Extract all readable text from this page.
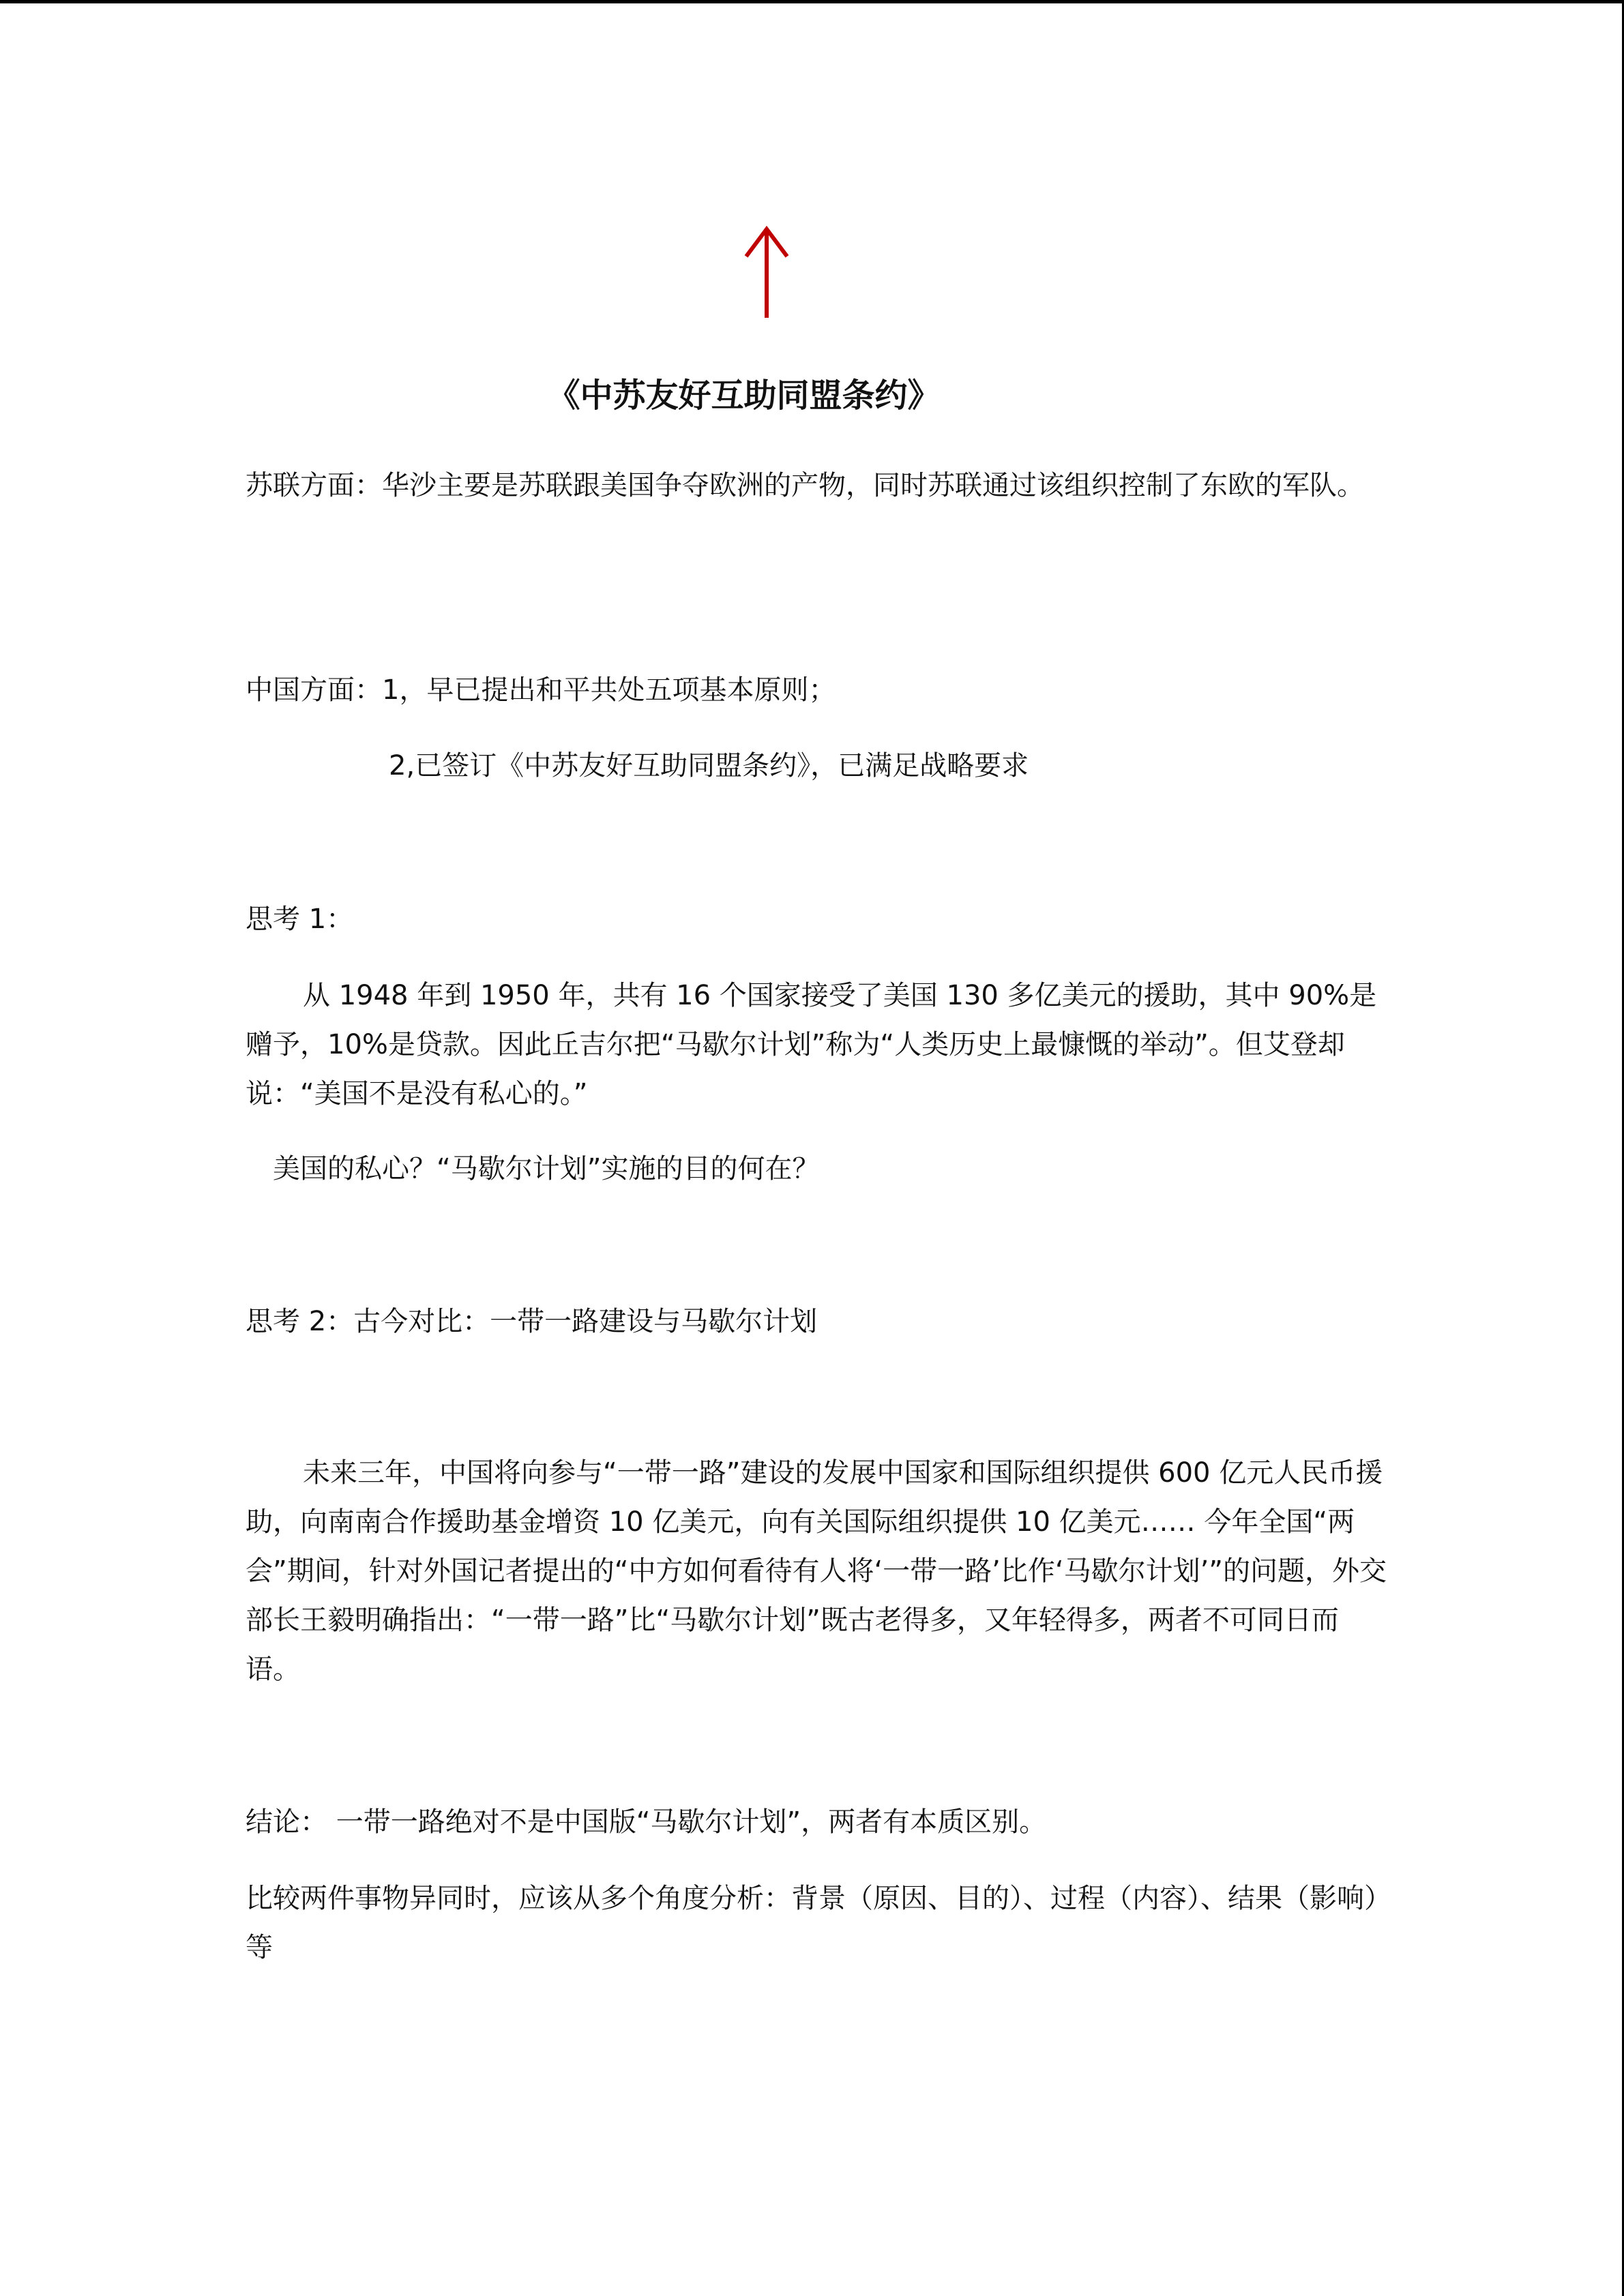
《中苏友好互助同盟条约》

苏联方面：华沙主要是苏联跟美国争夺欧洲的产物，同时苏联通过该组织控制了东欧的军队。

中国方面：1，早已提出和平共处五项基本原则；

2,已签订《中苏友好互助同盟条约》，已满足战略要求

思考 1：

从 1948 年到 1950 年，共有 16 个国家接受了美国 130 多亿美元的援助，其中 90%是赠予，10%是贷款。因此丘吉尔把“马歇尔计划”称为“人类历史上最慷慨的举动”。但艾登却说：“美国不是没有私心的。”

美国的私心？“马歇尔计划”实施的目的何在？

思考 2：古今对比：一带一路建设与马歇尔计划

未来三年，中国将向参与“一带一路”建设的发展中国家和国际组织提供 600 亿元人民币援助，向南南合作援助基金增资 10 亿美元，向有关国际组织提供 10 亿美元…… 今年全国“两会”期间，针对外国记者提出的“中方如何看待有人将‘一带一路’比作‘马歇尔计划’”的问题，外交部长王毅明确指出：“一带一路”比“马歇尔计划”既古老得多，又年轻得多，两者不可同日而语。

结论： 一带一路绝对不是中国版“马歇尔计划”，两者有本质区别。

比较两件事物异同时，应该从多个角度分析：背景（原因、目的）、过程（内容）、结果（影响）等
